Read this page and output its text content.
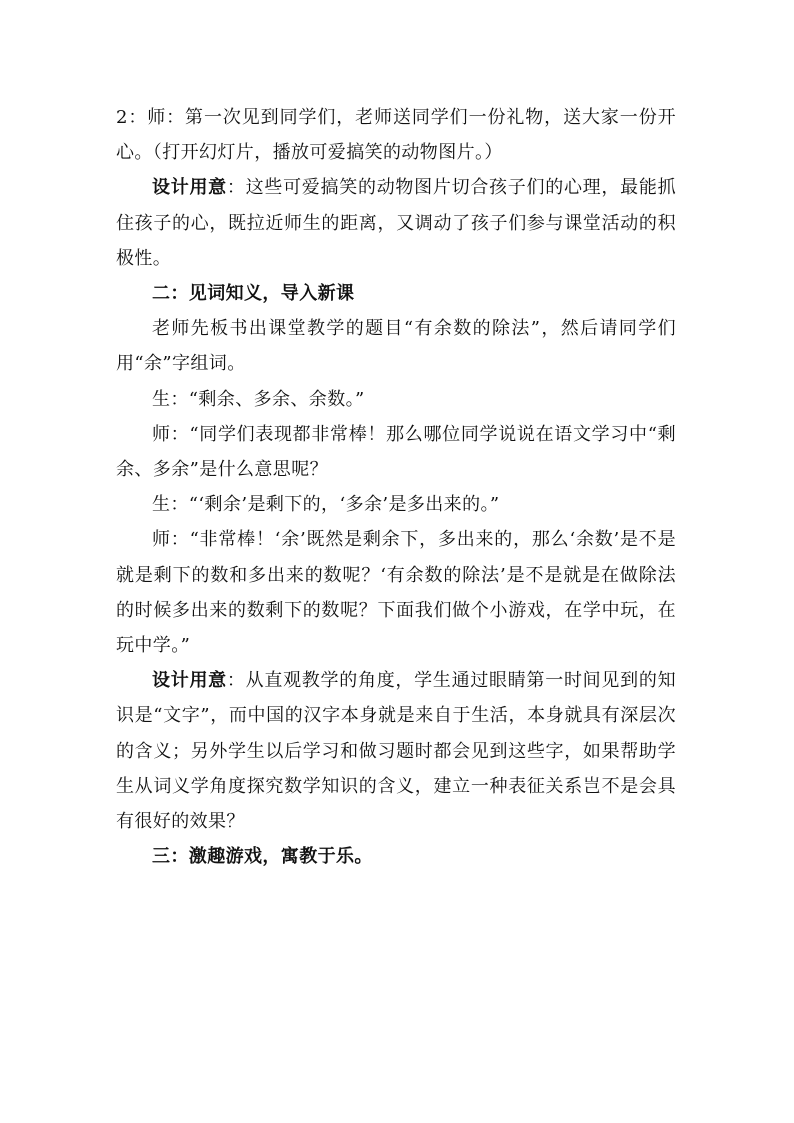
2：师：第一次见到同学们，老师送同学们一份礼物，送大家一份开心。（打开幻灯片，播放可爱搞笑的动物图片。）

设计用意：这些可爱搞笑的动物图片切合孩子们的心理，最能抓住孩子的心，既拉近师生的距离，又调动了孩子们参与课堂活动的积极性。

二：见词知义，导入新课

老师先板书出课堂教学的题目“有余数的除法”，然后请同学们用“余”字组词。

生：“剩余、多余、余数。”

师：“同学们表现都非常棒！那么哪位同学说说在语文学习中“剩余、多余”是什么意思呢？

生：“‘剩余’是剩下的，‘多余’是多出来的。”

师：“非常棒！‘余’既然是剩余下，多出来的，那么‘余数’是不是就是剩下的数和多出来的数呢？‘有余数的除法’是不是就是在做除法的时候多出来的数剩下的数呢？下面我们做个小游戏，在学中玩，在玩中学。”

设计用意：从直观教学的角度，学生通过眼睛第一时间见到的知识是“文字”，而中国的汉字本身就是来自于生活，本身就具有深层次的含义；另外学生以后学习和做习题时都会见到这些字，如果帮助学生从词义学角度探究数学知识的含义，建立一种表征关系岂不是会具有很好的效果？

三：激趣游戏，寓教于乐。
